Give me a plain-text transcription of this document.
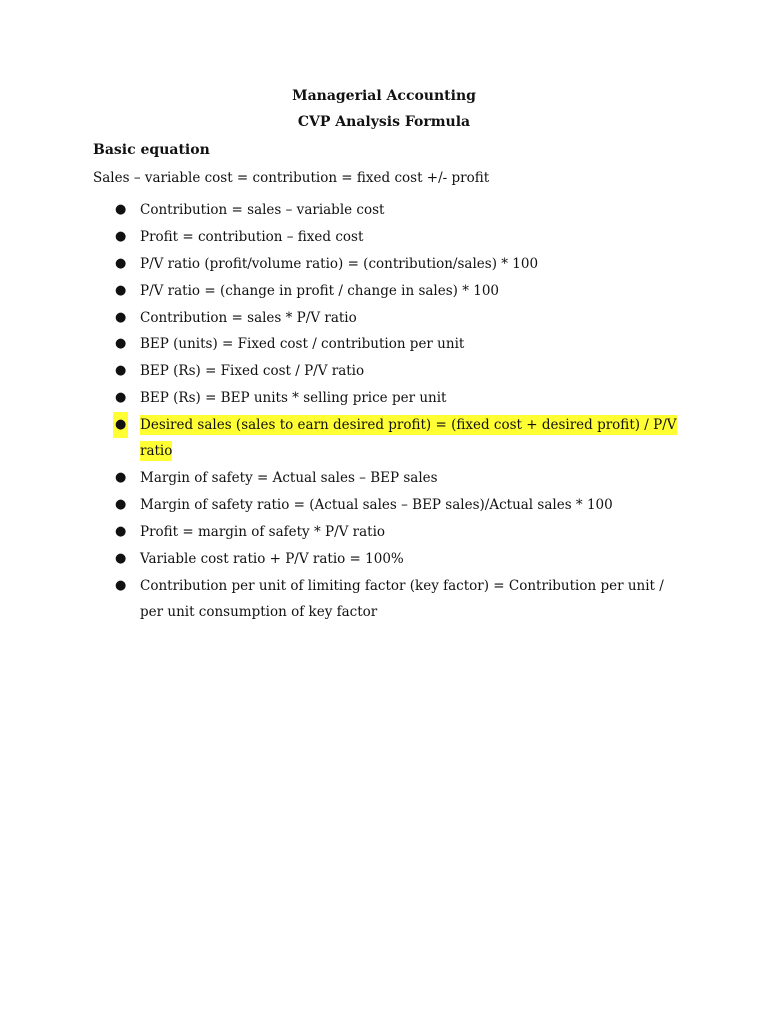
Managerial Accounting
CVP Analysis Formula
Basic equation
Sales – variable cost = contribution = fixed cost +/- profit
● Contribution = sales – variable cost
● Profit = contribution – fixed cost
● P/V ratio (profit/volume ratio) = (contribution/sales) * 100
● P/V ratio = (change in profit / change in sales) * 100
● Contribution = sales * P/V ratio
● BEP (units) = Fixed cost / contribution per unit
● BEP (Rs) = Fixed cost / P/V ratio
● BEP (Rs) = BEP units * selling price per unit
● Desired sales (sales to earn desired profit) = (fixed cost + desired profit) / P/V ratio
● Margin of safety = Actual sales – BEP sales
● Margin of safety ratio = (Actual sales – BEP sales)/Actual sales * 100
● Profit = margin of safety * P/V ratio
● Variable cost ratio + P/V ratio = 100%
● Contribution per unit of limiting factor (key factor) = Contribution per unit / per unit consumption of key factor
